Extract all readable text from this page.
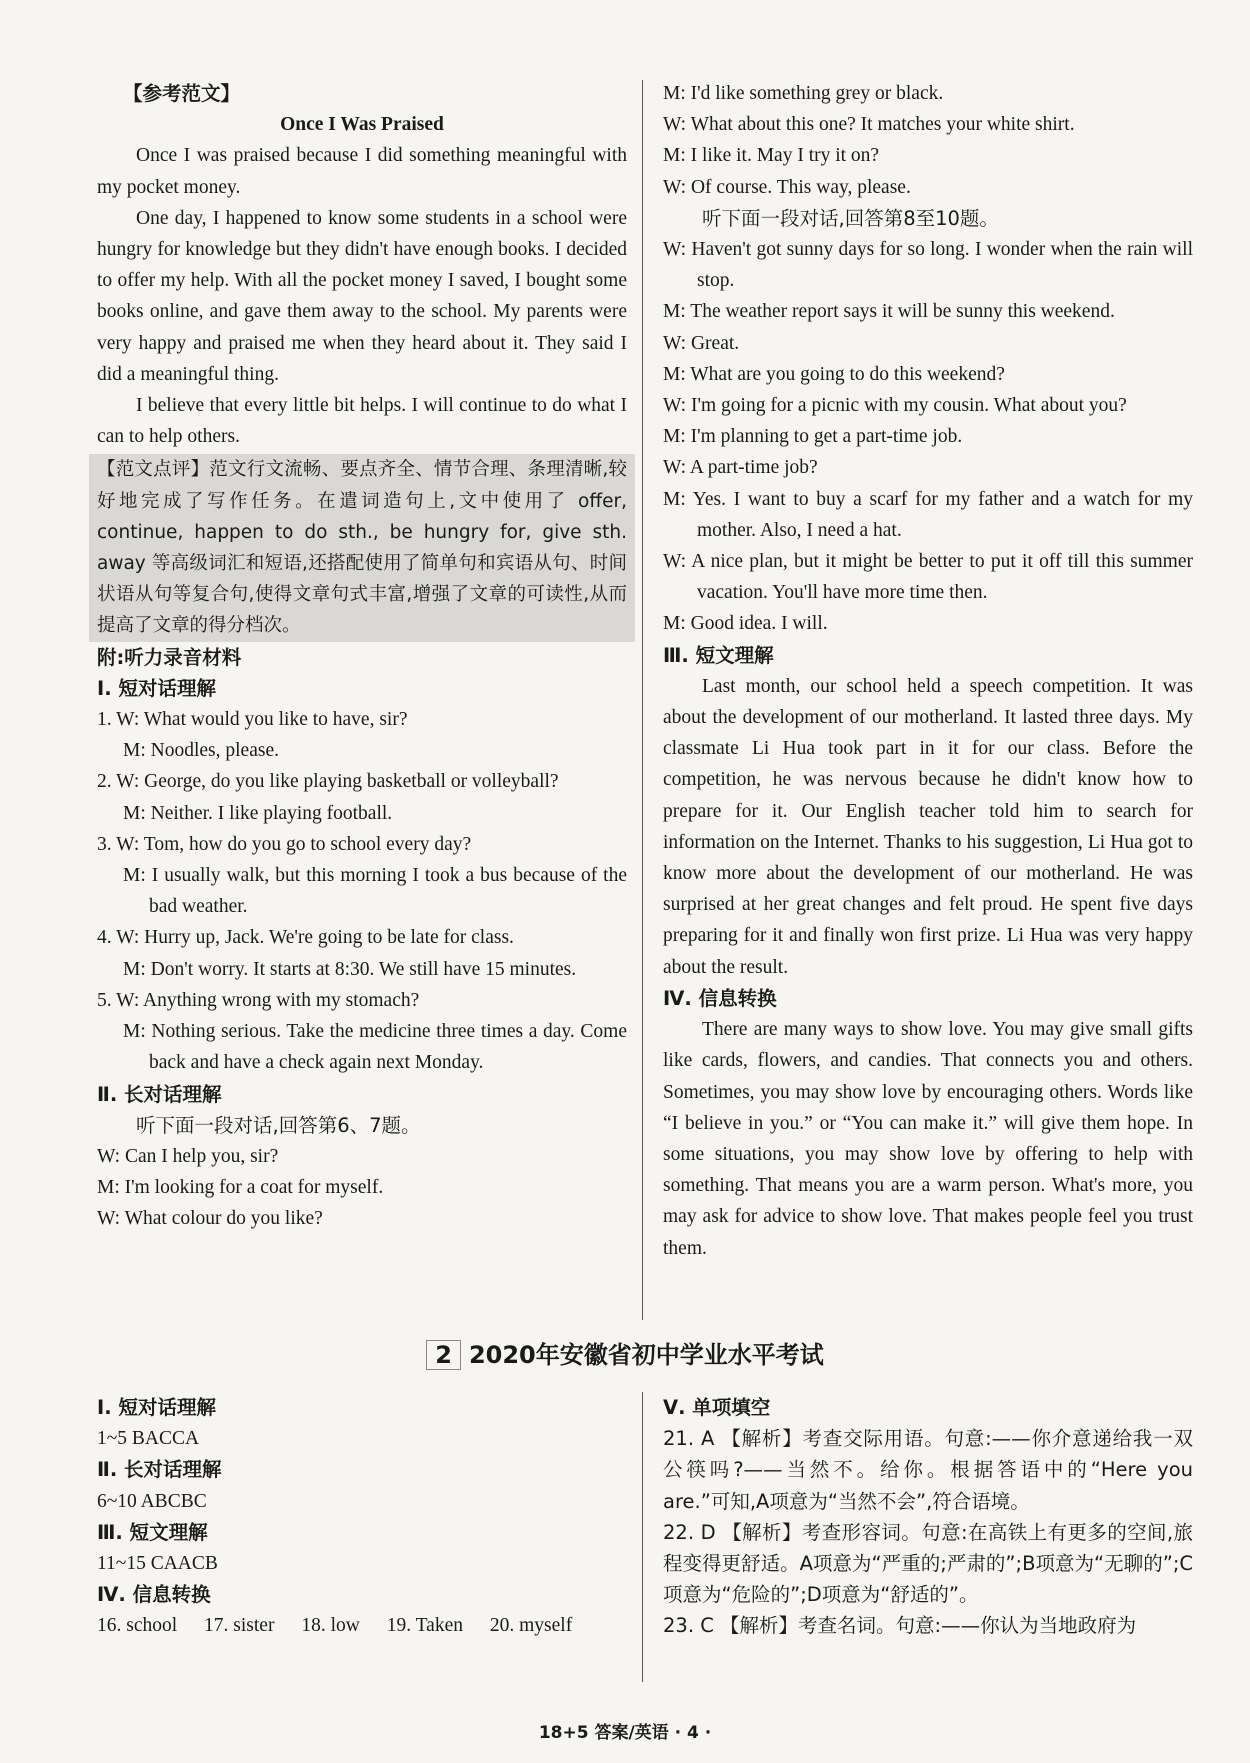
【参考范文】

Once I Was Praised

Once I was praised because I did something meaningful with my pocket money.

One day, I happened to know some students in a school were hungry for knowledge but they didn't have enough books. I decided to offer my help. With all the pocket money I saved, I bought some books online, and gave them away to the school. My parents were very happy and praised me when they heard about it. They said I did a meaningful thing.

I believe that every little bit helps. I will continue to do what I can to help others.

【范文点评】范文行文流畅、要点齐全、情节合理、条理清晰,较好地完成了写作任务。在遣词造句上,文中使用了 offer, continue, happen to do sth., be hungry for, give sth. away 等高级词汇和短语,还搭配使用了简单句和宾语从句、时间状语从句等复合句,使得文章句式丰富,增强了文章的可读性,从而提高了文章的得分档次。

附:听力录音材料

Ⅰ. 短对话理解

1. W: What would you like to have, sir?

M: Noodles, please.

2. W: George, do you like playing basketball or volleyball?

M: Neither. I like playing football.

3. W: Tom, how do you go to school every day?

M: I usually walk, but this morning I took a bus because of the bad weather.

4. W: Hurry up, Jack. We're going to be late for class.

M: Don't worry. It starts at 8:30. We still have 15 minutes.

5. W: Anything wrong with my stomach?

M: Nothing serious. Take the medicine three times a day. Come back and have a check again next Monday.

Ⅱ. 长对话理解

听下面一段对话,回答第6、7题。

W: Can I help you, sir?

M: I'm looking for a coat for myself.

W: What colour do you like?

M: I'd like something grey or black.

W: What about this one? It matches your white shirt.

M: I like it. May I try it on?

W: Of course. This way, please.

听下面一段对话,回答第8至10题。

W: Haven't got sunny days for so long. I wonder when the rain will stop.

M: The weather report says it will be sunny this weekend.

W: Great.

M: What are you going to do this weekend?

W: I'm going for a picnic with my cousin. What about you?

M: I'm planning to get a part-time job.

W: A part-time job?

M: Yes. I want to buy a scarf for my father and a watch for my mother. Also, I need a hat.

W: A nice plan, but it might be better to put it off till this summer vacation. You'll have more time then.

M: Good idea. I will.

Ⅲ. 短文理解

Last month, our school held a speech competition. It was about the development of our motherland. It lasted three days. My classmate Li Hua took part in it for our class. Before the competition, he was nervous because he didn't know how to prepare for it. Our English teacher told him to search for information on the Internet. Thanks to his suggestion, Li Hua got to know more about the development of our motherland. He was surprised at her great changes and felt proud. He spent five days preparing for it and finally won first prize. Li Hua was very happy about the result.

Ⅳ. 信息转换

There are many ways to show love. You may give small gifts like cards, flowers, and candies. That connects you and others. Sometimes, you may show love by encouraging others. Words like “I believe in you.” or “You can make it.” will give them hope. In some situations, you may show love by offering to help with something. That means you are a warm person. What's more, you may ask for advice to show love. That makes people feel you trust them.

2 2020年安徽省初中学业水平考试

Ⅰ. 短对话理解

1~5 BACCA

Ⅱ. 长对话理解

6~10 ABCBC

Ⅲ. 短文理解

11~15 CAACB

Ⅳ. 信息转换

16. school 17. sister 18. low 19. Taken 20. myself

Ⅴ. 单项填空

21. A 【解析】考查交际用语。句意:——你介意递给我一双公筷吗?——当然不。给你。根据答语中的“Here you are.”可知,A项意为“当然不会”,符合语境。

22. D 【解析】考查形容词。句意:在高铁上有更多的空间,旅程变得更舒适。A项意为“严重的;严肃的”;B项意为“无聊的”;C项意为“危险的”;D项意为“舒适的”。

23. C 【解析】考查名词。句意:——你认为当地政府为

18+5 答案/英语 · 4 ·
